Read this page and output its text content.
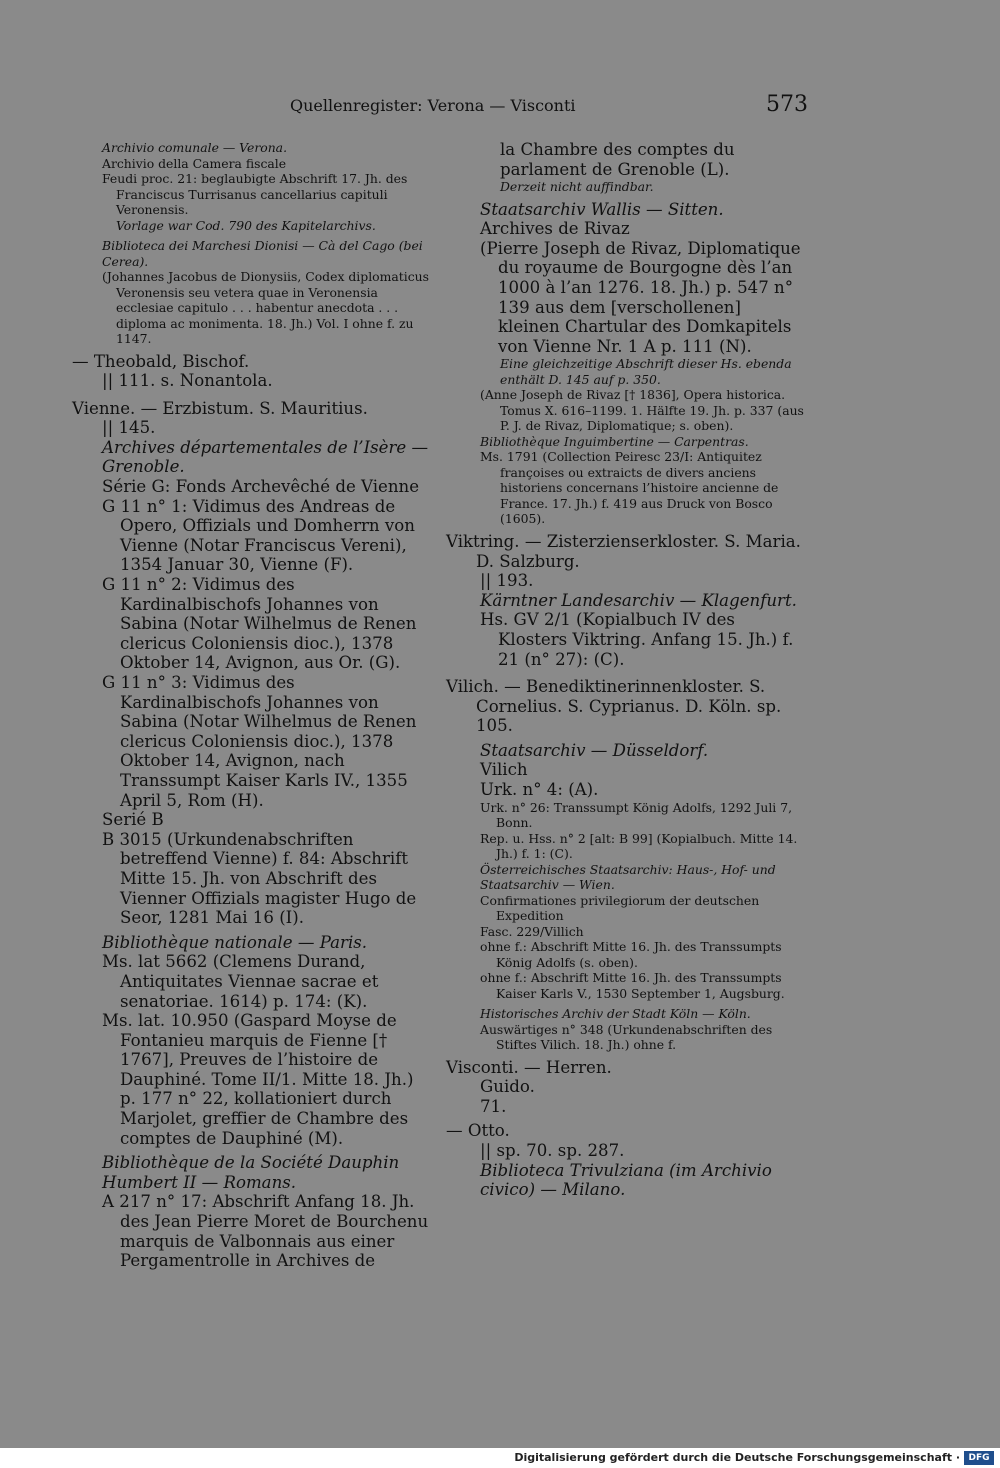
Quellenregister: Verona — Visconti	573
Archivio comunale — Verona.
Archivio della Camera fiscale
Feudi proc. 21: beglaubigte Abschrift 17. Jh. des Franciscus Turrisanus cancellarius capituli Veronensis.
Vorlage war Cod. 790 des Kapitelarchivs.
Biblioteca dei Marchesi Dionisi — Cà del Cago (bei Cerea).
(Johannes Jacobus de Dionysiis, Codex diplomaticus Veronensis seu vetera quae in Veronensia ecclesiae capitulo . . . habentur anecdota . . . diploma ac monimenta. 18. Jh.) Vol. I ohne f. zu 1147.
— Theobald, Bischof.
|| 111. s. Nonantola.
Vienne. — Erzbistum. S. Mauritius.
|| 145.
Archives départementales de l’Isère — Grenoble.
Série G: Fonds Archevêché de Vienne
G 11 n° 1: Vidimus des Andreas de Opero, Offizials und Domherrn von Vienne (Notar Franciscus Vereni), 1354 Januar 30, Vienne (F).
G 11 n° 2: Vidimus des Kardinalbischofs Johannes von Sabina (Notar Wilhelmus de Renen clericus Coloniensis dioc.), 1378 Oktober 14, Avignon, aus Or. (G).
G 11 n° 3: Vidimus des Kardinalbischofs Johannes von Sabina (Notar Wilhelmus de Renen clericus Coloniensis dioc.), 1378 Oktober 14, Avignon, nach Transsumpt Kaiser Karls IV., 1355 April 5, Rom (H).
Serié B
B 3015 (Urkundenabschriften betreffend Vienne) f. 84: Abschrift Mitte 15. Jh. von Abschrift des Vienner Offizials magister Hugo de Seor, 1281 Mai 16 (I).
Bibliothèque nationale — Paris.
Ms. lat 5662 (Clemens Durand, Antiquitates Viennae sacrae et senatoriae. 1614) p. 174: (K).
Ms. lat. 10.950 (Gaspard Moyse de Fontanieu marquis de Fienne [† 1767], Preuves de l’histoire de Dauphiné. Tome II/1. Mitte 18. Jh.) p. 177 n° 22, kollationiert durch Marjolet, greffier de Chambre des comptes de Dauphiné (M).
Bibliothèque de la Société Dauphin Humbert II — Romans.
A 217 n° 17: Abschrift Anfang 18. Jh. des Jean Pierre Moret de Bourchenu marquis de Valbonnais aus einer Pergamentrolle in Archives de
la Chambre des comptes du parlament de Grenoble (L).
Derzeit nicht auffindbar.
Staatsarchiv Wallis — Sitten.
Archives de Rivaz
(Pierre Joseph de Rivaz, Diplomatique du royaume de Bourgogne dès l’an 1000 à l’an 1276. 18. Jh.) p. 547 n° 139 aus dem [verschollenen] kleinen Chartular des Domkapitels von Vienne Nr. 1 A p. 111 (N).
Eine gleichzeitige Abschrift dieser Hs. ebenda enthält D. 145 auf p. 350.
(Anne Joseph de Rivaz [† 1836], Opera historica. Tomus X. 616–1199. 1. Hälfte 19. Jh. p. 337 (aus P. J. de Rivaz, Diplomatique; s. oben).
Bibliothèque Inguimbertine — Carpentras.
Ms. 1791 (Collection Peiresc 23/I: Antiquitez françoises ou extraicts de divers anciens historiens concernans l’histoire ancienne de France. 17. Jh.) f. 419 aus Druck von Bosco (1605).
Viktring. — Zisterzienserkloster. S. Maria. D. Salzburg.
|| 193.
Kärntner Landesarchiv — Klagenfurt.
Hs. GV 2/1 (Kopialbuch IV des Klosters Viktring. Anfang 15. Jh.) f. 21 (n° 27): (C).
Vilich. — Benediktinerinnenkloster. S. Cornelius. S. Cyprianus. D. Köln. sp. 105.
Staatsarchiv — Düsseldorf.
Vilich
Urk. n° 4: (A).
Urk. n° 26: Transsumpt König Adolfs, 1292 Juli 7, Bonn.
Rep. u. Hss. n° 2 [alt: B 99] (Kopialbuch. Mitte 14. Jh.) f. 1: (C).
Österreichisches Staatsarchiv: Haus-, Hof- und Staatsarchiv — Wien.
Confirmationes privilegiorum der deutschen Expedition
Fasc. 229/Villich
ohne f.: Abschrift Mitte 16. Jh. des Transsumpts König Adolfs (s. oben).
ohne f.: Abschrift Mitte 16. Jh. des Transsumpts Kaiser Karls V., 1530 September 1, Augsburg.
Historisches Archiv der Stadt Köln — Köln.
Auswärtiges n° 348 (Urkundenabschriften des Stiftes Vilich. 18. Jh.) ohne f.
Visconti. — Herren.
Guido.
71.
— Otto.
|| sp. 70. sp. 287.
Biblioteca Trivulziana (im Archivio civico) — Milano.
Digitalisierung gefördert durch die Deutsche Forschungsgemeinschaft · DFG
